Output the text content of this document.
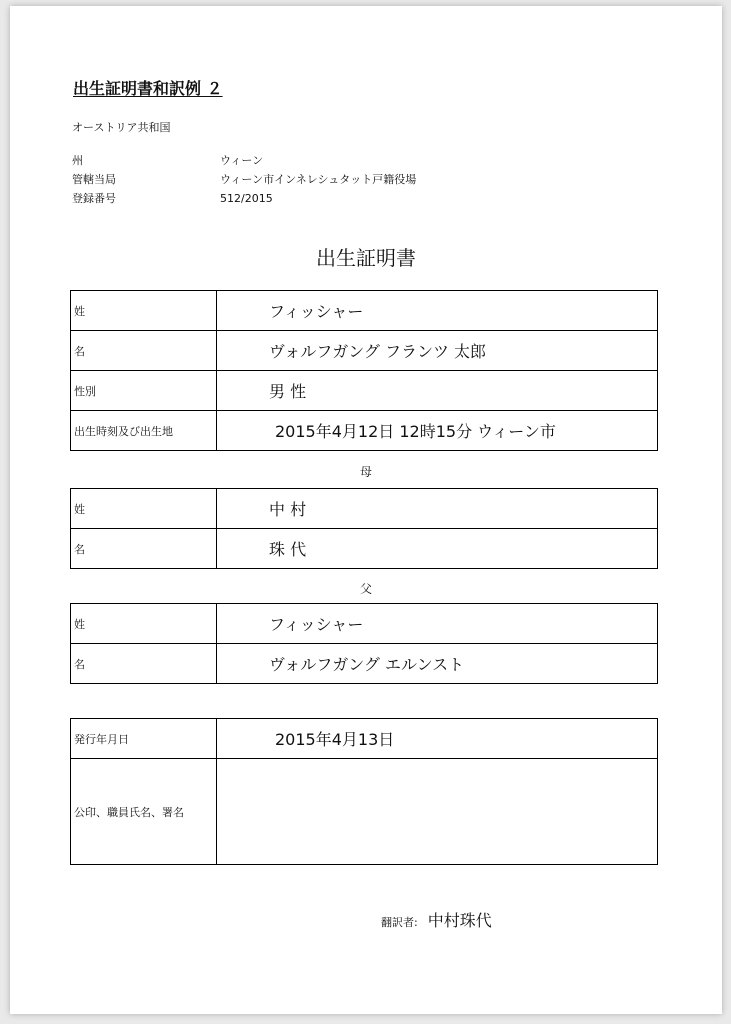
出生証明書和訳例 ２
オーストリア共和国
州	ウィーン
管轄当局	ウィーン市インネレシュタット戸籍役場
登録番号	512/2015
出生証明書
姓	フィッシャー
名	ヴォルフガング フランツ 太郎
性別	男 性
出生時刻及び出生地	2015年4月12日 12時15分 ウィーン市
母
姓	中 村
名	珠 代
父
姓	フィッシャー
名	ヴォルフガング エルンスト
発行年月日	2015年4月13日
公印、職員氏名、署名	
翻訳者: 中村珠代
